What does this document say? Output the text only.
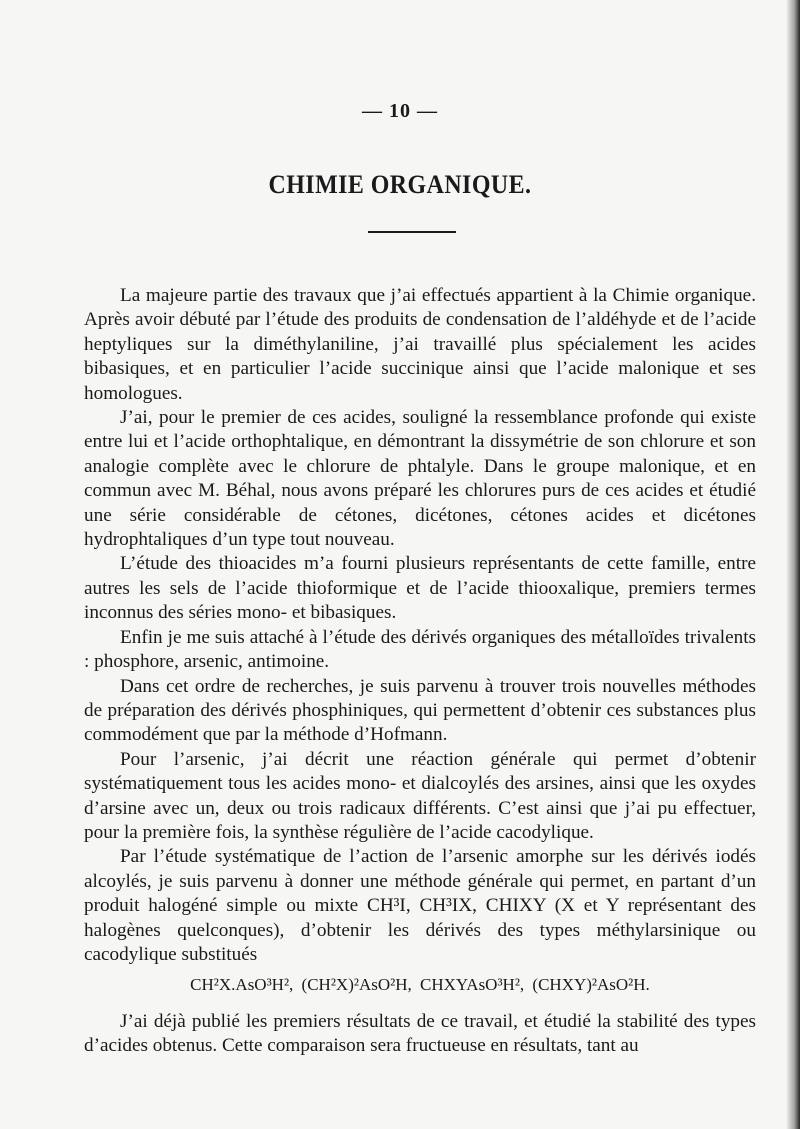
— 10 —
CHIMIE ORGANIQUE.

La majeure partie des travaux que j’ai effectués appartient à la Chimie organique. Après avoir débuté par l’étude des produits de condensation de l’aldéhyde et de l’acide heptyliques sur la diméthylaniline, j’ai travaillé plus spécialement les acides bibasiques, et en particulier l’acide succinique ainsi que l’acide malonique et ses homologues.

J’ai, pour le premier de ces acides, souligné la ressemblance profonde qui existe entre lui et l’acide orthophtalique, en démontrant la dissymétrie de son chlorure et son analogie complète avec le chlorure de phtalyle. Dans le groupe malonique, et en commun avec M. Béhal, nous avons préparé les chlorures purs de ces acides et étudié une série considérable de cétones, dicétones, cétones acides et dicétones hydrophtaliques d’un type tout nouveau.

L’étude des thioacides m’a fourni plusieurs représentants de cette famille, entre autres les sels de l’acide thioformique et de l’acide thiooxalique, premiers termes inconnus des séries mono- et bibasiques.

Enfin je me suis attaché à l’étude des dérivés organiques des métalloïdes trivalents : phosphore, arsenic, antimoine.

Dans cet ordre de recherches, je suis parvenu à trouver trois nouvelles méthodes de préparation des dérivés phosphiniques, qui permettent d’obtenir ces substances plus commodément que par la méthode d’Hofmann.

Pour l’arsenic, j’ai décrit une réaction générale qui permet d’obtenir systématiquement tous les acides mono- et dialcoylés des arsines, ainsi que les oxydes d’arsine avec un, deux ou trois radicaux différents. C’est ainsi que j’ai pu effectuer, pour la première fois, la synthèse régulière de l’acide cacodylique.

Par l’étude systématique de l’action de l’arsenic amorphe sur les dérivés iodés alcoylés, je suis parvenu à donner une méthode générale qui permet, en partant d’un produit halogéné simple ou mixte CH³I, CH³IX, CHIXY (X et Y représentant des halogènes quelconques), d’obtenir les dérivés des types méthylarsinique ou cacodylique substitués

CH²X.AsO³H², (CH²X)²AsO²H, CHXYAsO³H², (CHXY)²AsO²H.

J’ai déjà publié les premiers résultats de ce travail, et étudié la stabilité des types d’acides obtenus. Cette comparaison sera fructueuse en résultats, tant au
